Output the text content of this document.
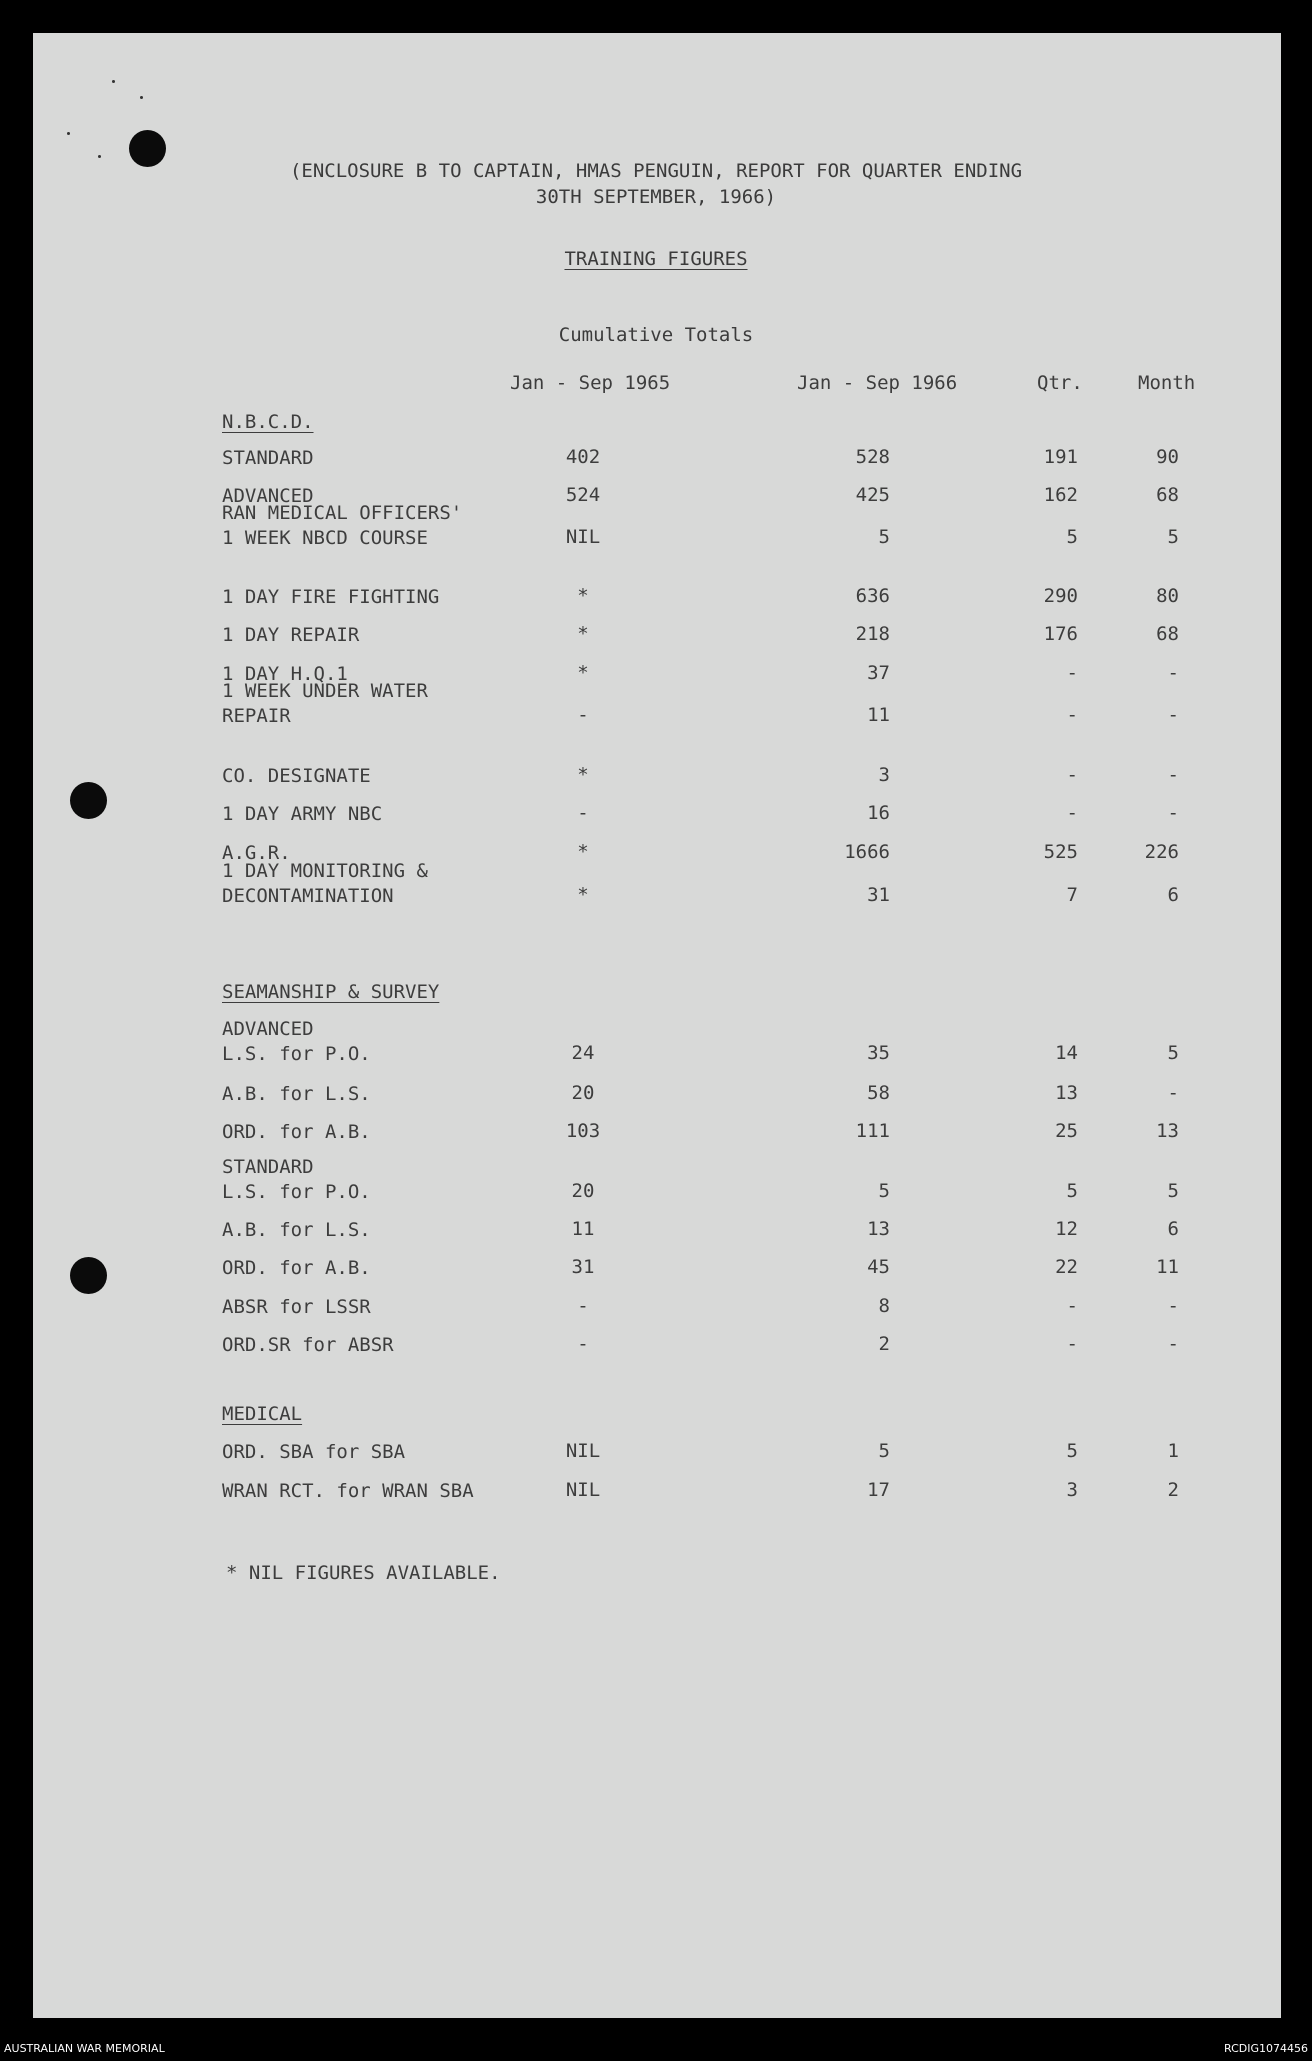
(ENCLOSURE B TO CAPTAIN, HMAS PENGUIN, REPORT FOR QUARTER ENDING
30TH SEPTEMBER, 1966)
TRAINING FIGURES
Cumulative Totals
Jan - Sep 1965	Jan - Sep 1966	Qtr.	Month
N.B.C.D.
STANDARD	402	528	191	90
ADVANCED	524	425	162	68
RAN MEDICAL OFFICERS'
1 WEEK NBCD COURSE	NIL	5	5	5
1 DAY FIRE FIGHTING	*	636	290	80
1 DAY REPAIR	*	218	176	68
1 DAY H.Q.1	*	37	-	-
1 WEEK UNDER WATER
REPAIR	-	11	-	-
CO. DESIGNATE	*	3	-	-
1 DAY ARMY NBC	-	16	-	-
A.G.R.	*	1666	525	226
1 DAY MONITORING &
DECONTAMINATION	*	31	7	6
SEAMANSHIP & SURVEY
ADVANCED
L.S. for P.O.	24	35	14	5
A.B. for L.S.	20	58	13	-
ORD. for A.B.	103	111	25	13
STANDARD
L.S. for P.O.	20	5	5	5
A.B. for L.S.	11	13	12	6
ORD. for A.B.	31	45	22	11
ABSR for LSSR	-	8	-	-
ORD.SR for ABSR	-	2	-	-
MEDICAL
ORD. SBA for SBA	NIL	5	5	1
WRAN RCT. for WRAN SBA	NIL	17	3	2
* NIL FIGURES AVAILABLE.
AUSTRALIAN WAR MEMORIAL	RCDIG1074456
